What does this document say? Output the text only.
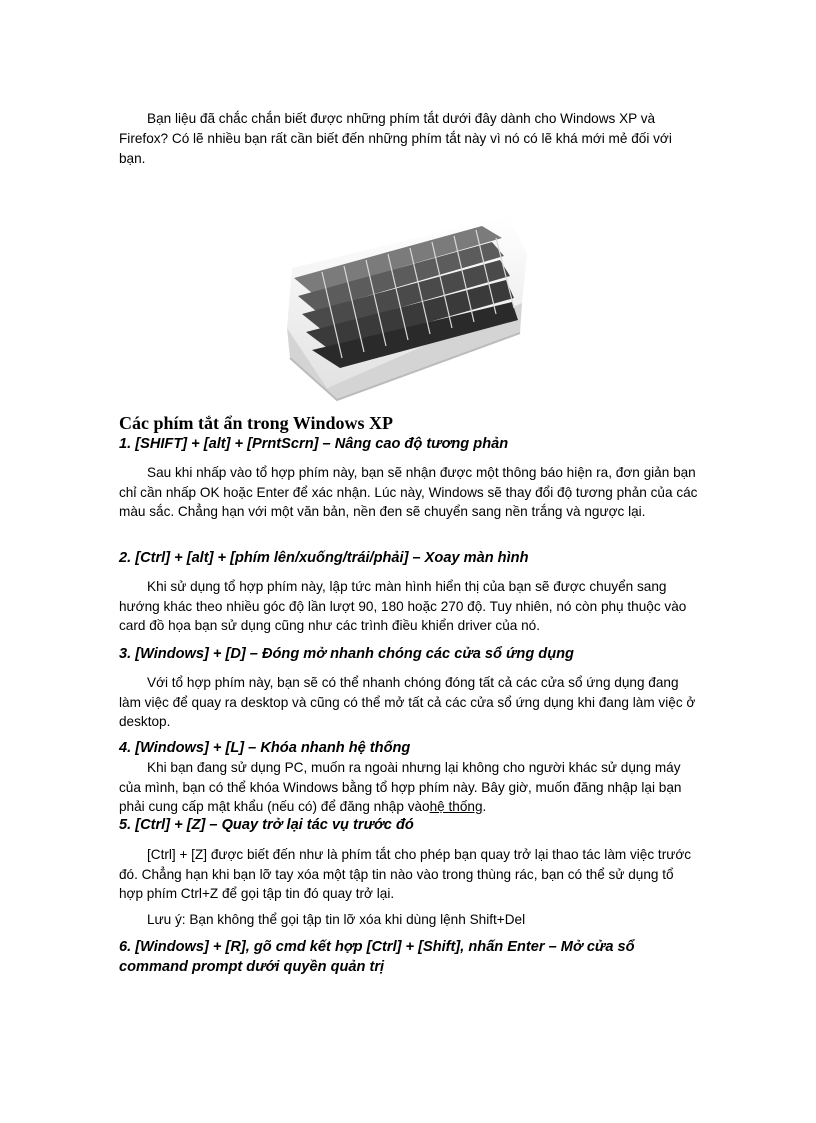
Bạn liệu đã chắc chắn biết được những phím tắt dưới đây dành cho Windows XP và Firefox? Có lẽ nhiều bạn rất cần biết đến những phím tắt này vì nó có lẽ khá mới mẻ đối với bạn.

Các phím tắt ẩn trong Windows XP
1. [SHIFT] + [alt] + [PrntScrn] – Nâng cao độ tương phản

Sau khi nhấp vào tổ hợp phím này, bạn sẽ nhận được một thông báo hiện ra, đơn giản bạn chỉ cần nhấp OK hoặc Enter để xác nhận. Lúc này, Windows sẽ thay đổi độ tương phản của các màu sắc. Chẳng hạn với một văn bản, nền đen sẽ chuyển sang nền trắng và ngược lại.

2. [Ctrl] + [alt] + [phím lên/xuống/trái/phải] – Xoay màn hình

Khi sử dụng tổ hợp phím này, lập tức màn hình hiển thị của bạn sẽ được chuyển sang hướng khác theo nhiều góc độ lần lượt 90, 180 hoặc 270 độ. Tuy nhiên, nó còn phụ thuộc vào card đồ họa bạn sử dụng cũng như các trình điều khiển driver của nó.

3. [Windows] + [D] – Đóng mở nhanh chóng các cửa sổ ứng dụng

Với tổ hợp phím này, bạn sẽ có thể nhanh chóng đóng tất cả các cửa sổ ứng dụng đang làm việc để quay ra desktop và cũng có thể mở tất cả các cửa sổ ứng dụng khi đang làm việc ở desktop.

4. [Windows] + [L] – Khóa nhanh hệ thống

Khi bạn đang sử dụng PC, muốn ra ngoài nhưng lại không cho người khác sử dụng máy của mình, bạn có thể khóa Windows bằng tổ hợp phím này. Bây giờ, muốn đăng nhập lại bạn phải cung cấp mật khẩu (nếu có) để đăng nhập vàohệ thống.

5. [Ctrl] + [Z] – Quay trở lại tác vụ trước đó

[Ctrl] + [Z] được biết đến như là phím tắt cho phép bạn quay trở lại thao tác làm việc trước đó. Chẳng hạn khi bạn lỡ tay xóa một tập tin nào vào trong thùng rác, bạn có thể sử dụng tổ hợp phím Ctrl+Z để gọi tập tin đó quay trở lại.

Lưu ý: Bạn không thể gọi tập tin lỡ xóa khi dùng lệnh Shift+Del

6. [Windows] + [R], gõ cmd kết hợp [Ctrl] + [Shift], nhấn Enter – Mở cửa sổ command prompt dưới quyền quản trị
